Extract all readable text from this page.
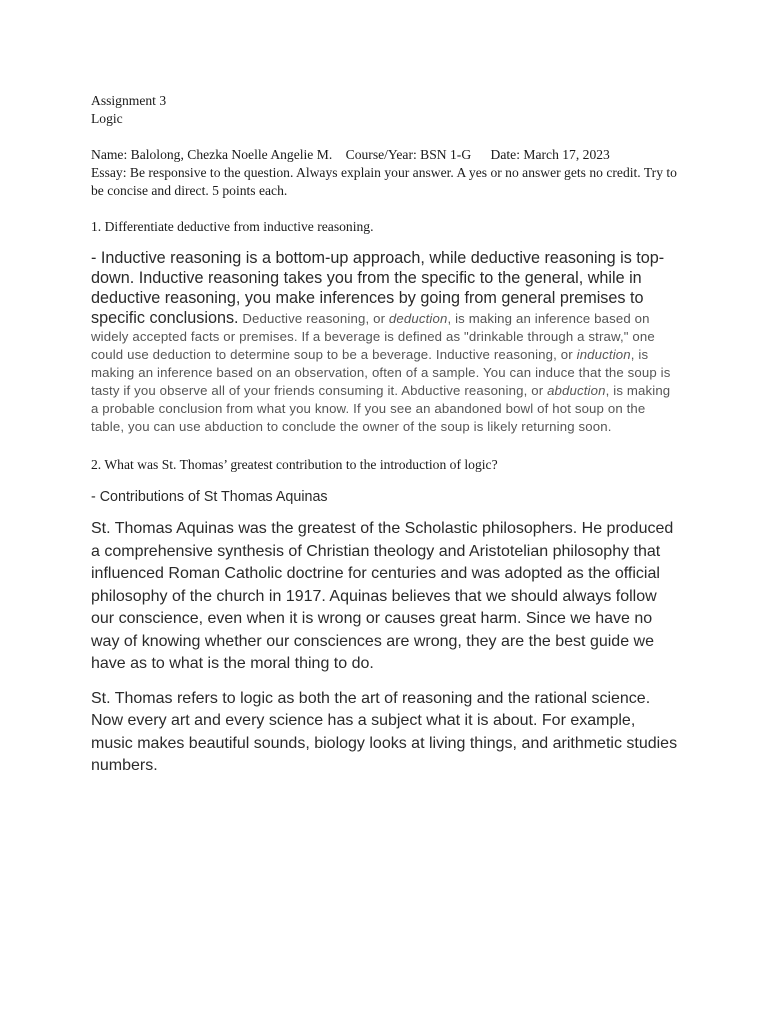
Assignment 3
Logic
Name: Balolong, Chezka Noelle Angelie M. Course/Year: BSN 1-G Date: March 17, 2023
Essay: Be responsive to the question. Always explain your answer. A yes or no answer gets no credit. Try to be concise and direct. 5 points each.
1. Differentiate deductive from inductive reasoning.
- Inductive reasoning is a bottom-up approach, while deductive reasoning is top-down. Inductive reasoning takes you from the specific to the general, while in deductive reasoning, you make inferences by going from general premises to specific conclusions. Deductive reasoning, or deduction, is making an inference based on widely accepted facts or premises. If a beverage is defined as "drinkable through a straw," one could use deduction to determine soup to be a beverage. Inductive reasoning, or induction, is making an inference based on an observation, often of a sample. You can induce that the soup is tasty if you observe all of your friends consuming it. Abductive reasoning, or abduction, is making a probable conclusion from what you know. If you see an abandoned bowl of hot soup on the table, you can use abduction to conclude the owner of the soup is likely returning soon.
2. What was St. Thomas’ greatest contribution to the introduction of logic?
- Contributions of St Thomas Aquinas
St. Thomas Aquinas was the greatest of the Scholastic philosophers. He produced a comprehensive synthesis of Christian theology and Aristotelian philosophy that influenced Roman Catholic doctrine for centuries and was adopted as the official philosophy of the church in 1917. Aquinas believes that we should always follow our conscience, even when it is wrong or causes great harm. Since we have no way of knowing whether our consciences are wrong, they are the best guide we have as to what is the moral thing to do.
St. Thomas refers to logic as both the art of reasoning and the rational science. Now every art and every science has a subject what it is about. For example, music makes beautiful sounds, biology looks at living things, and arithmetic studies numbers.
